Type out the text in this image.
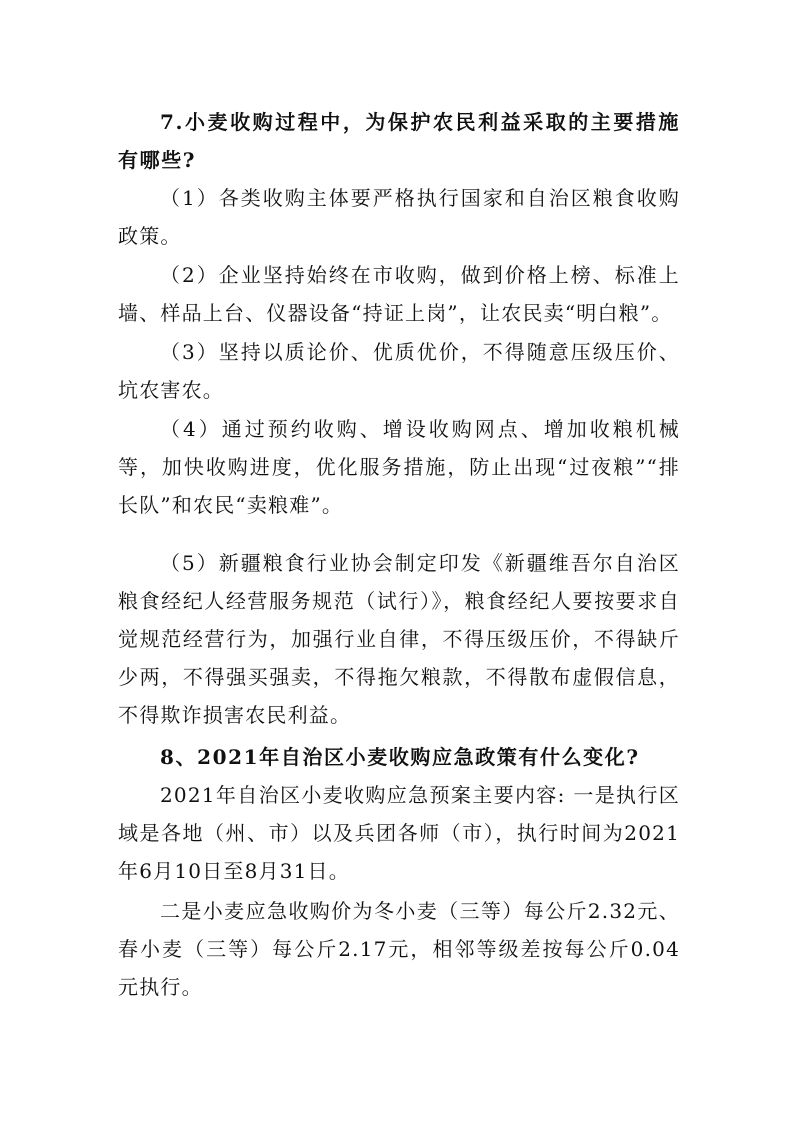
7.小麦收购过程中，为保护农民利益采取的主要措施有哪些?

（1）各类收购主体要严格执行国家和自治区粮食收购政策。

（2）企业坚持始终在市收购，做到价格上榜、标准上墙、样品上台、仪器设备“持证上岗”，让农民卖“明白粮”。

（3）坚持以质论价、优质优价，不得随意压级压价、坑农害农。

（4）通过预约收购、增设收购网点、增加收粮机械等，加快收购进度，优化服务措施，防止出现“过夜粮”“排长队”和农民“卖粮难”。

（5）新疆粮食行业协会制定印发《新疆维吾尔自治区粮食经纪人经营服务规范（试行）》，粮食经纪人要按要求自觉规范经营行为，加强行业自律，不得压级压价，不得缺斤少两，不得强买强卖，不得拖欠粮款，不得散布虚假信息，不得欺诈损害农民利益。

8、2021年自治区小麦收购应急政策有什么变化?

2021年自治区小麦收购应急预案主要内容: 一是执行区域是各地（州、市）以及兵团各师（市），执行时间为2021年6月10日至8月31日。

二是小麦应急收购价为冬小麦（三等）每公斤2.32元、春小麦（三等）每公斤2.17元，相邻等级差按每公斤0.04元执行。
